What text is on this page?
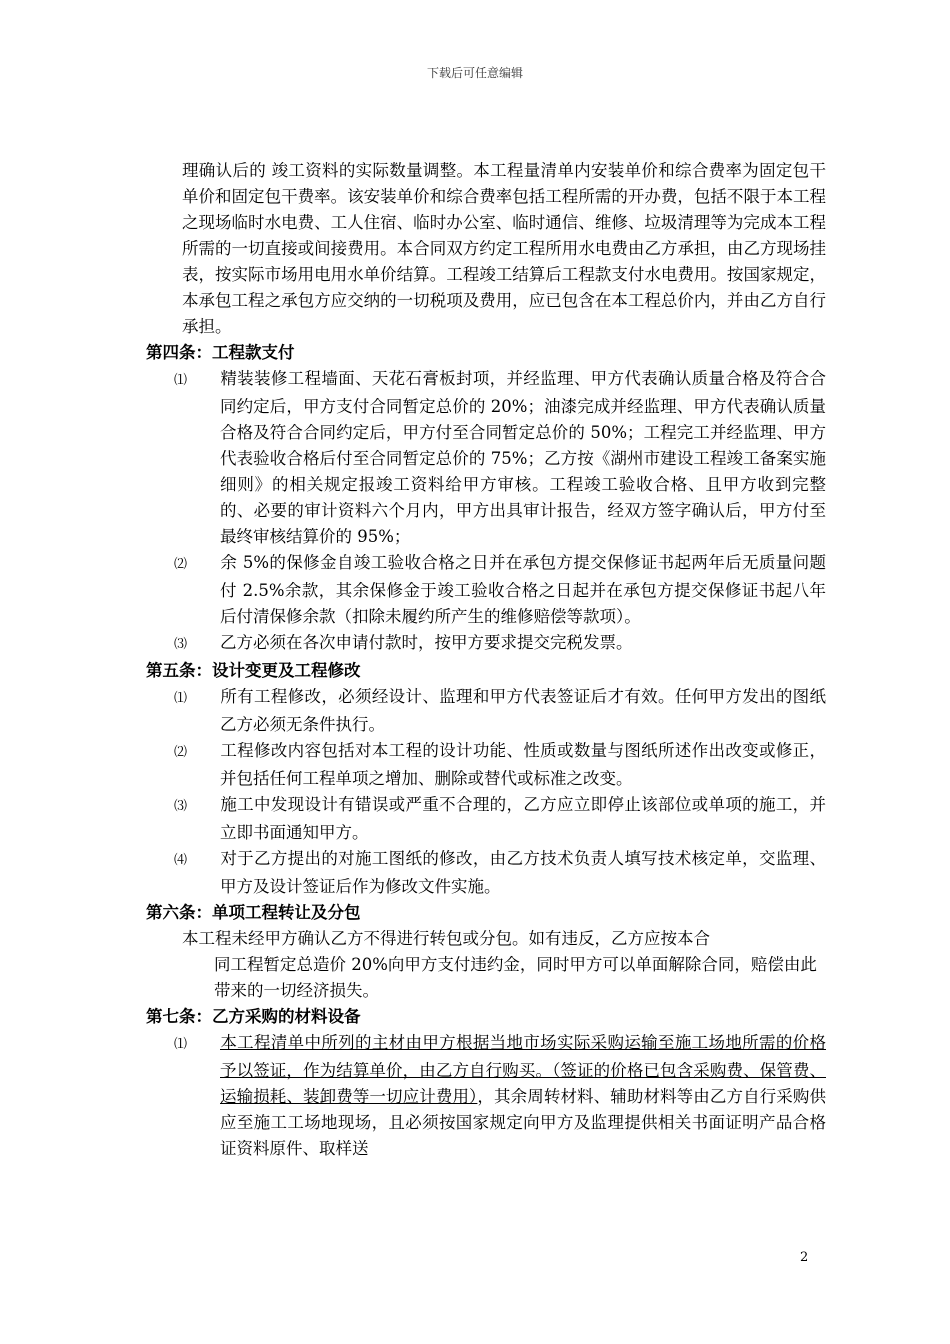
下载后可任意编辑

理确认后的 竣工资料的实际数量调整。本工程量清单内安装单价和综合费率为固定包干单价和固定包干费率。该安装单价和综合费率包括工程所需的开办费，包括不限于本工程之现场临时水电费、工人住宿、临时办公室、临时通信、维修、垃圾清理等为完成本工程所需的一切直接或间接费用。本合同双方约定工程所用水电费由乙方承担，由乙方现场挂表，按实际市场用电用水单价结算。工程竣工结算后工程款支付水电费用。按国家规定，本承包工程之承包方应交纳的一切税项及费用，应已包含在本工程总价内，并由乙方自行承担。

第四条：工程款支付

⑴ 精装装修工程墙面、天花石膏板封项，并经监理、甲方代表确认质量合格及符合合同约定后，甲方支付合同暂定总价的 20%；油漆完成并经监理、甲方代表确认质量合格及符合合同约定后，甲方付至合同暂定总价的 50%；工程完工并经监理、甲方代表验收合格后付至合同暂定总价的 75%；乙方按《湖州市建设工程竣工备案实施细则》的相关规定报竣工资料给甲方审核。工程竣工验收合格、且甲方收到完整的、必要的审计资料六个月内，甲方出具审计报告，经双方签字确认后，甲方付至最终审核结算价的 95%；

⑵ 余 5%的保修金自竣工验收合格之日并在承包方提交保修证书起两年后无质量问题付 2.5%余款，其余保修金于竣工验收合格之日起并在承包方提交保修证书起八年后付清保修余款（扣除未履约所产生的维修赔偿等款项）。

⑶ 乙方必须在各次申请付款时，按甲方要求提交完税发票。

第五条：设计变更及工程修改

⑴ 所有工程修改，必须经设计、监理和甲方代表签证后才有效。任何甲方发出的图纸乙方必须无条件执行。

⑵ 工程修改内容包括对本工程的设计功能、性质或数量与图纸所述作出改变或修正，并包括任何工程单项之增加、删除或替代或标准之改变。

⑶ 施工中发现设计有错误或严重不合理的，乙方应立即停止该部位或单项的施工，并立即书面通知甲方。

⑷ 对于乙方提出的对施工图纸的修改，由乙方技术负责人填写技术核定单，交监理、甲方及设计签证后作为修改文件实施。

第六条：单项工程转让及分包

本工程未经甲方确认乙方不得进行转包或分包。如有违反，乙方应按本合
同工程暂定总造价 20%向甲方支付违约金，同时甲方可以单面解除合同，赔偿由此带来的一切经济损失。

第七条：乙方采购的材料设备

⑴ 本工程清单中所列的主材由甲方根据当地市场实际采购运输至施工场地所需的价格予以签证，作为结算单价，由乙方自行购买。（签证的价格已包含采购费、保管费、运输损耗、装卸费等一切应计费用），其余周转材料、辅助材料等由乙方自行采购供应至施工工场地现场，且必须按国家规定向甲方及监理提供相关书面证明产品合格证资料原件、取样送

2
